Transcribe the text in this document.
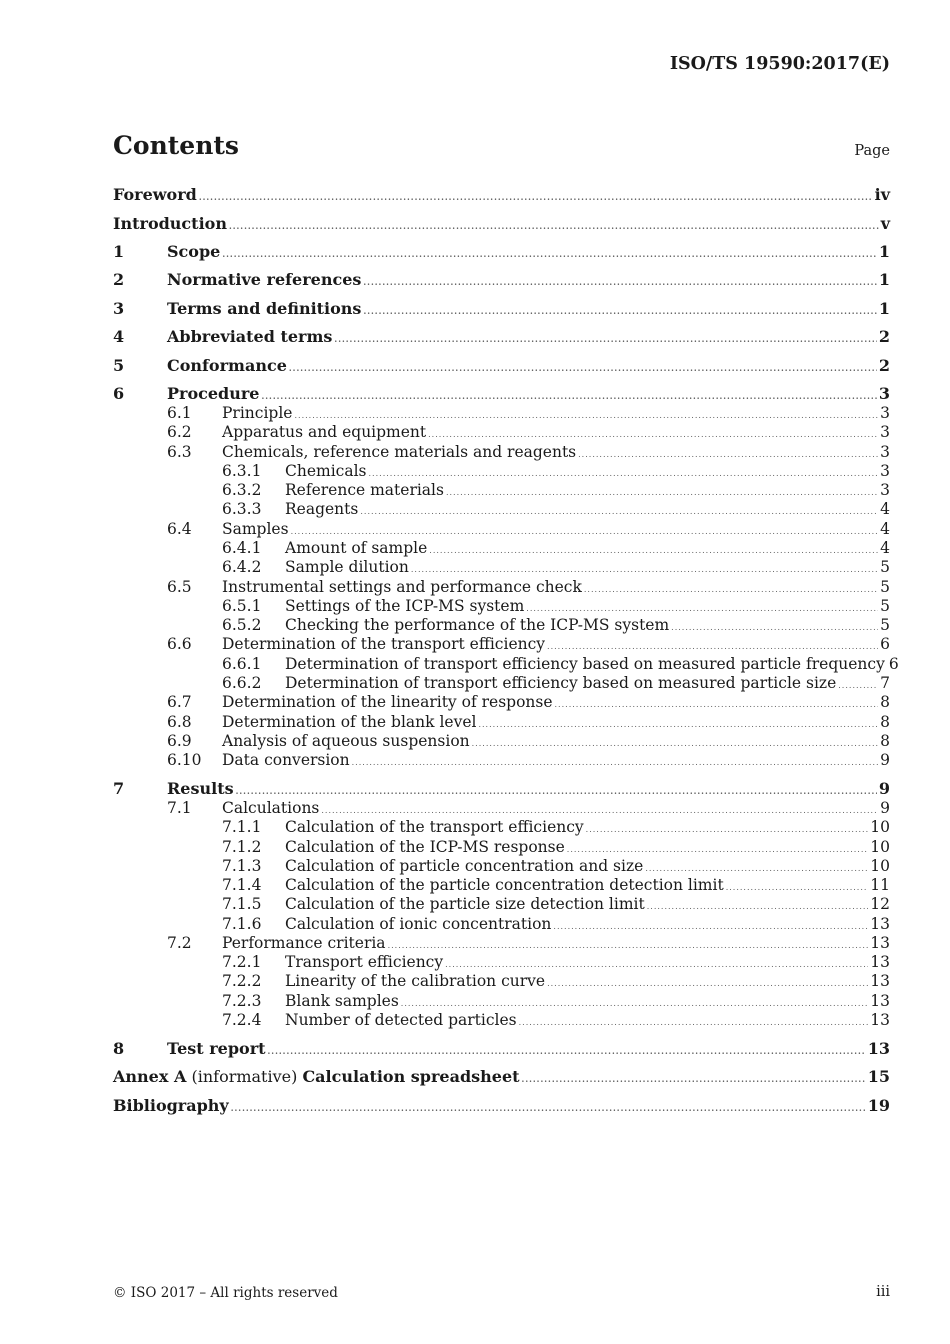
ISO/TS 19590:2017(E)
Contents	Page
Foreword .....	iv
Introduction .....	v
1	Scope .....	1
2	Normative references .....	1
3	Terms and definitions .....	1
4	Abbreviated terms .....	2
5	Conformance .....	2
6	Procedure .....	3
6.1	Principle .....	3
6.2	Apparatus and equipment .....	3
6.3	Chemicals, reference materials and reagents .....	3
6.3.1	Chemicals .....	3
6.3.2	Reference materials .....	3
6.3.3	Reagents .....	4
6.4	Samples .....	4
6.4.1	Amount of sample .....	4
6.4.2	Sample dilution .....	5
6.5	Instrumental settings and performance check .....	5
6.5.1	Settings of the ICP-MS system .....	5
6.5.2	Checking the performance of the ICP-MS system .....	5
6.6	Determination of the transport efficiency .....	6
6.6.1	Determination of transport efficiency based on measured particle frequency 6
6.6.2	Determination of transport efficiency based on measured particle size .....	7
6.7	Determination of the linearity of response .....	8
6.8	Determination of the blank level .....	8
6.9	Analysis of aqueous suspension .....	8
6.10	Data conversion .....	9
7	Results .....	9
7.1	Calculations .....	9
7.1.1	Calculation of the transport efficiency .....	10
7.1.2	Calculation of the ICP-MS response .....	10
7.1.3	Calculation of particle concentration and size .....	10
7.1.4	Calculation of the particle concentration detection limit .....	11
7.1.5	Calculation of the particle size detection limit .....	12
7.1.6	Calculation of ionic concentration .....	13
7.2	Performance criteria .....	13
7.2.1	Transport efficiency .....	13
7.2.2	Linearity of the calibration curve .....	13
7.2.3	Blank samples .....	13
7.2.4	Number of detected particles .....	13
8	Test report .....	13
Annex A (informative) Calculation spreadsheet .....	15
Bibliography .....	19
© ISO 2017 – All rights reserved	iii
